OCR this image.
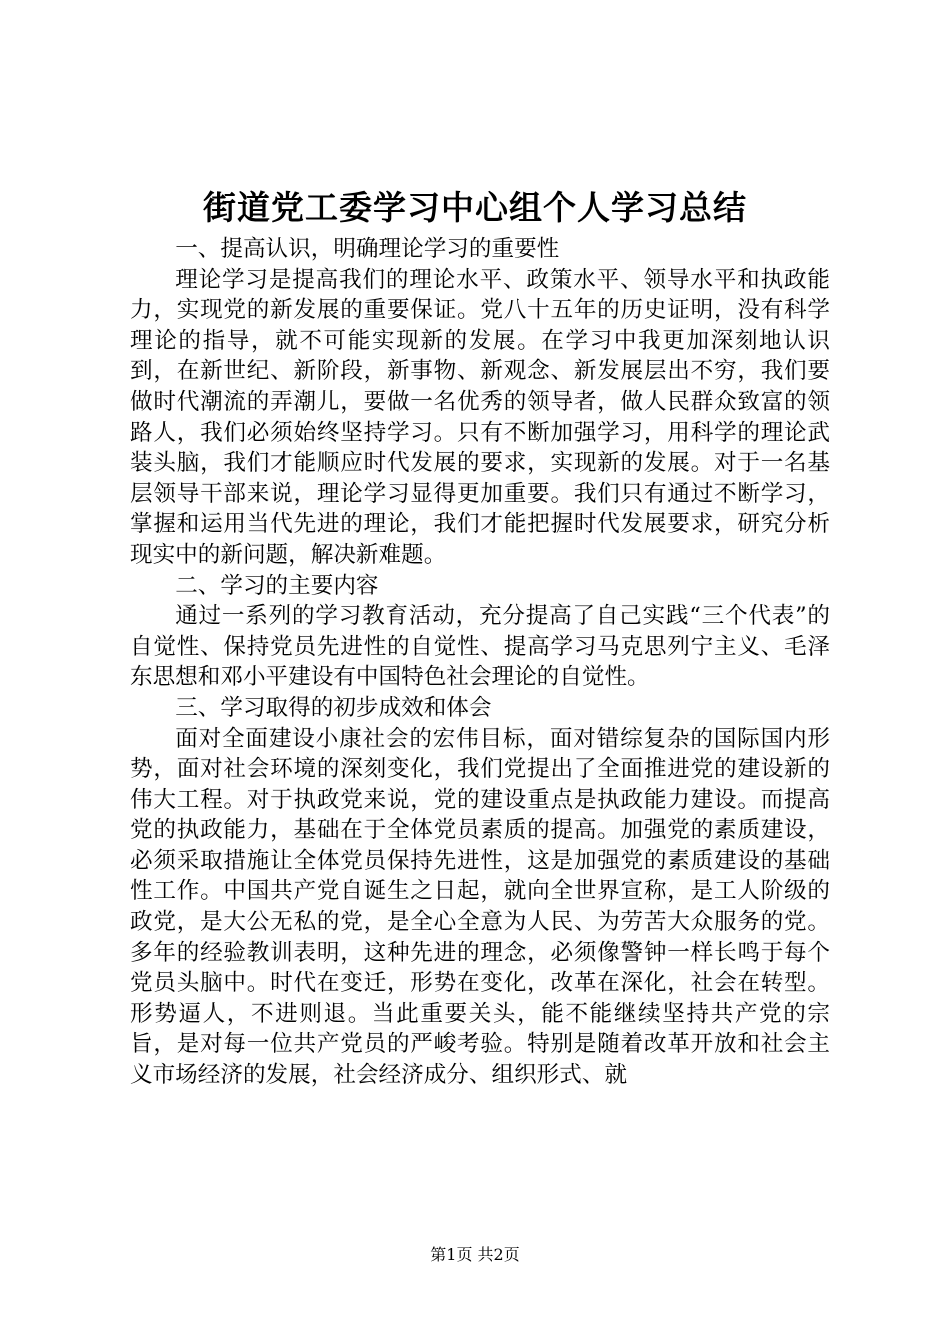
街道党工委学习中心组个人学习总结

一、提高认识，明确理论学习的重要性

理论学习是提高我们的理论水平、政策水平、领导水平和执政能力，实现党的新发展的重要保证。党八十五年的历史证明，没有科学理论的指导，就不可能实现新的发展。在学习中我更加深刻地认识到，在新世纪、新阶段，新事物、新观念、新发展层出不穷，我们要做时代潮流的弄潮儿，要做一名优秀的领导者，做人民群众致富的领路人，我们必须始终坚持学习。只有不断加强学习，用科学的理论武装头脑，我们才能顺应时代发展的要求，实现新的发展。对于一名基层领导干部来说，理论学习显得更加重要。我们只有通过不断学习，掌握和运用当代先进的理论，我们才能把握时代发展要求，研究分析现实中的新问题，解决新难题。

二、学习的主要内容

通过一系列的学习教育活动，充分提高了自己实践“三个代表”的自觉性、保持党员先进性的自觉性、提高学习马克思列宁主义、毛泽东思想和邓小平建设有中国特色社会理论的自觉性。

三、学习取得的初步成效和体会

面对全面建设小康社会的宏伟目标，面对错综复杂的国际国内形势，面对社会环境的深刻变化，我们党提出了全面推进党的建设新的伟大工程。对于执政党来说，党的建设重点是执政能力建设。而提高党的执政能力，基础在于全体党员素质的提高。加强党的素质建设，必须采取措施让全体党员保持先进性，这是加强党的素质建设的基础性工作。中国共产党自诞生之日起，就向全世界宣称，是工人阶级的政党，是大公无私的党，是全心全意为人民、为劳苦大众服务的党。多年的经验教训表明，这种先进的理念，必须像警钟一样长鸣于每个党员头脑中。时代在变迁，形势在变化，改革在深化，社会在转型。形势逼人，不进则退。当此重要关头，能不能继续坚持共产党的宗旨，是对每一位共产党员的严峻考验。特别是随着改革开放和社会主义市场经济的发展，社会经济成分、组织形式、就

第1页 共2页
